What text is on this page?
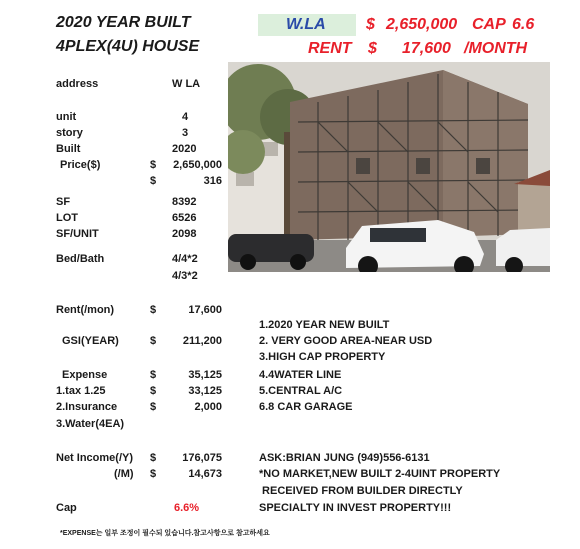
2020 YEAR BUILT
4PLEX(4U) HOUSE
W.LA	$ 2,650,000 CAP 6.6
RENT $ 17,600 /MONTH
address	W LA
unit	4
story	3
Built	2020
Price($)	$	2,650,000
$	316
SF	8392
LOT	6526
SF/UNIT	2098
Bed/Bath	4/4*2
4/3*2
Rent(/mon)	$	17,600
GSI(YEAR)	$	211,200
Expense	$	35,125
1.tax 1.25	$	33,125
2.Insurance	$	2,000
3.Water(4EA)
Net Income(/Y) $	176,075
(/M) $	14,673
Cap	6.6%
1.2020 YEAR NEW BUILT
2. VERY GOOD AREA-NEAR USD
3.HIGH CAP PROPERTY
4.4WATER LINE
5.CENTRAL A/C
6.8 CAR GARAGE
ASK:BRIAN JUNG (949)556-6131
*NO MARKET,NEW BUILT 2-4UINT PROPERTY
RECEIVED FROM BUILDER DIRECTLY
SPECIALTY IN INVEST PROPERTY!!!
*EXPENSE는 일부 조정이 필수되 있습니다.참고사항으로 참고하세요
